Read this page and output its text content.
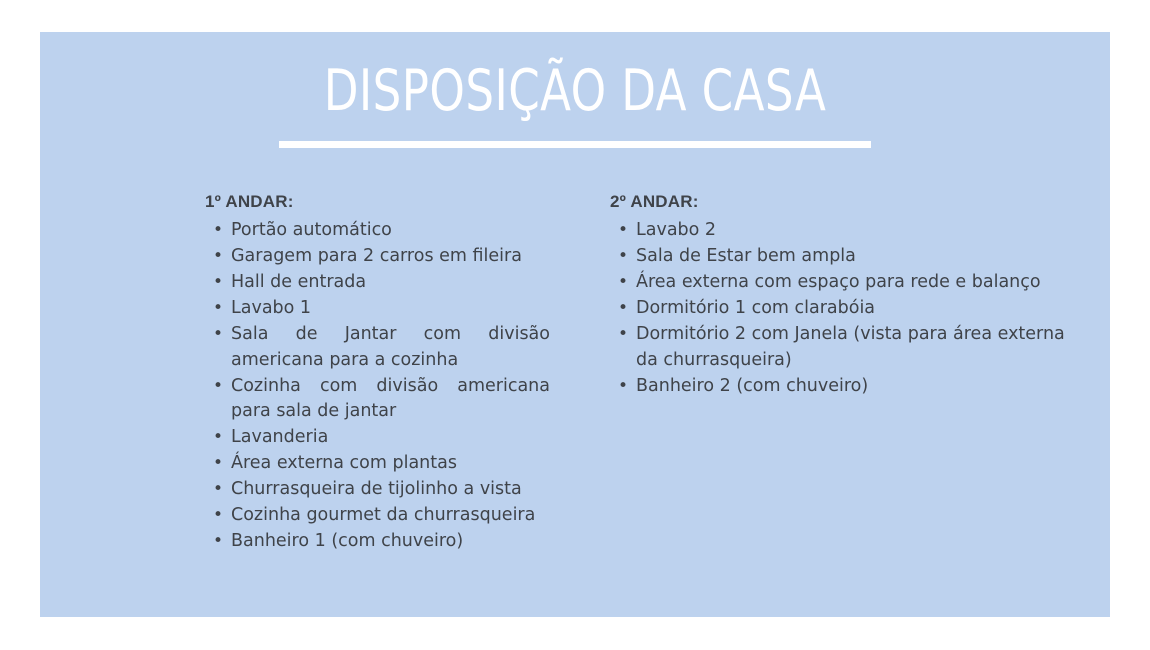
DISPOSIÇÃO DA CASA
1º ANDAR:
• Portão automático
• Garagem para 2 carros em fileira
• Hall de entrada
• Lavabo 1
• Sala de Jantar com divisão americana para a cozinha
• Cozinha com divisão americana para sala de jantar
• Lavanderia
• Área externa com plantas
• Churrasqueira de tijolinho a vista
• Cozinha gourmet da churrasqueira
• Banheiro 1 (com chuveiro)
2º ANDAR:
• Lavabo 2
• Sala de Estar bem ampla
• Área externa com espaço para rede e balanço
• Dormitório 1 com clarabóia
• Dormitório 2 com Janela (vista para área externa da churrasqueira)
• Banheiro 2 (com chuveiro)
